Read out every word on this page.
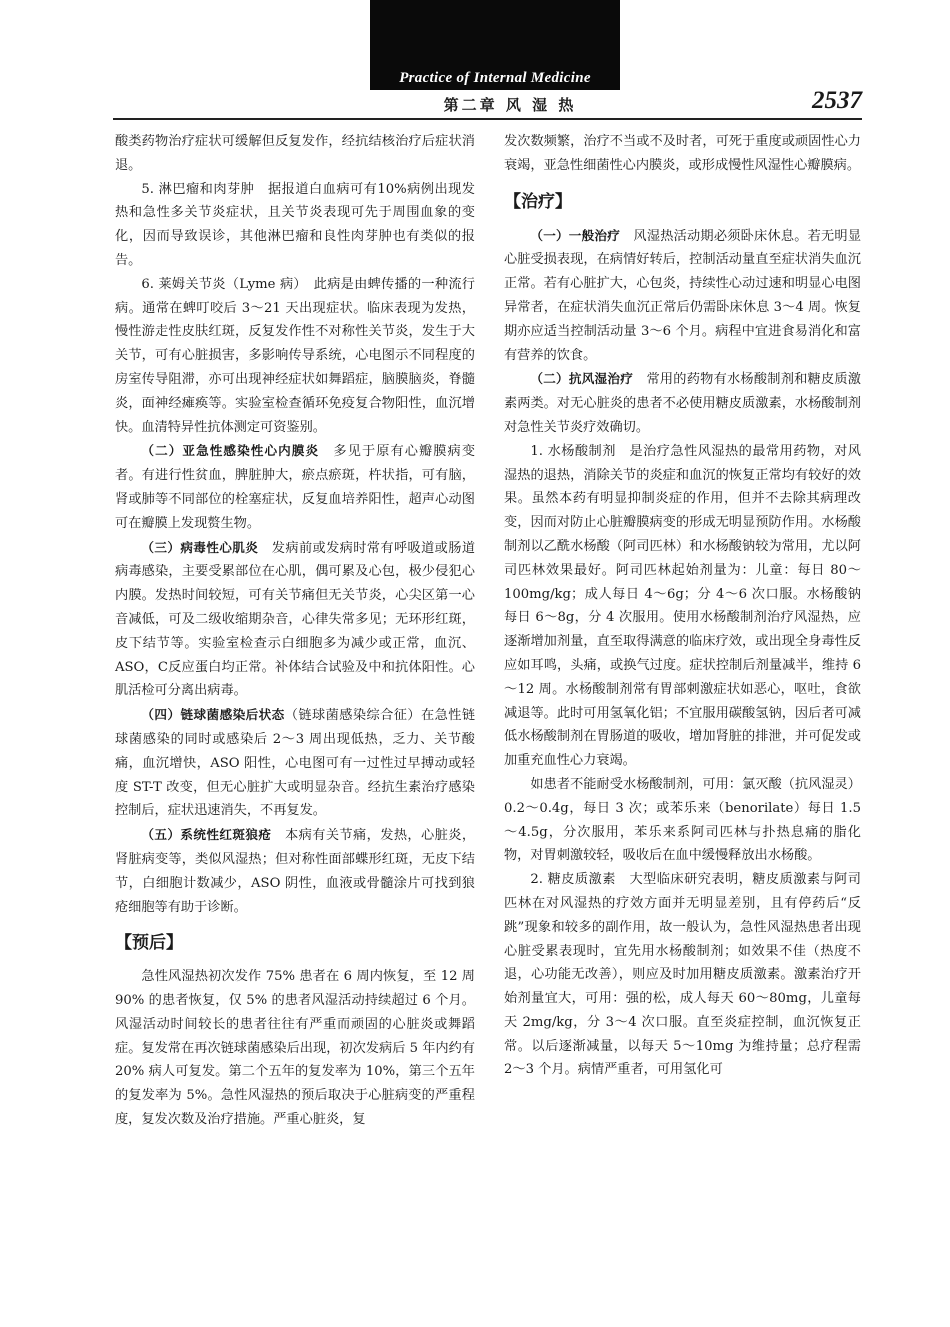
Practice of Internal Medicine
第二章 风 湿 热	2537

酸类药物治疗症状可缓解但反复发作，经抗结核治疗后症状消退。

5. 淋巴瘤和肉芽肿　据报道白血病可有10%病例出现发热和急性多关节炎症状，且关节炎表现可先于周围血象的变化，因而导致误诊，其他淋巴瘤和良性肉芽肿也有类似的报告。

6. 莱姆关节炎（Lyme 病）　此病是由蜱传播的一种流行病。通常在蜱叮咬后 3～21 天出现症状。临床表现为发热，慢性游走性皮肤红斑，反复发作性不对称性关节炎，发生于大关节，可有心脏损害，多影响传导系统，心电图示不同程度的房室传导阻滞，亦可出现神经症状如舞蹈症，脑膜脑炎，脊髓炎，面神经瘫痪等。实验室检查循环免疫复合物阳性，血沉增快。血清特异性抗体测定可资鉴别。

（二）亚急性感染性心内膜炎　多见于原有心瓣膜病变者。有进行性贫血，脾脏肿大，瘀点瘀斑，杵状指，可有脑，肾或肺等不同部位的栓塞症状，反复血培养阳性，超声心动图可在瓣膜上发现赘生物。

（三）病毒性心肌炎　发病前或发病时常有呼吸道或肠道病毒感染，主要受累部位在心肌，偶可累及心包，极少侵犯心内膜。发热时间较短，可有关节痛但无关节炎，心尖区第一心音减低，可及二级收缩期杂音，心律失常多见；无环形红斑，皮下结节等。实验室检查示白细胞多为减少或正常，血沉、ASO，C反应蛋白均正常。补体结合试验及中和抗体阳性。心肌活检可分离出病毒。

（四）链球菌感染后状态（链球菌感染综合征）在急性链球菌感染的同时或感染后 2～3 周出现低热，乏力、关节酸痛，血沉增快，ASO 阳性，心电图可有一过性过早搏动或轻度 ST-T 改变，但无心脏扩大或明显杂音。经抗生素治疗感染控制后，症状迅速消失，不再复发。

（五）系统性红斑狼疮　本病有关节痛，发热，心脏炎，肾脏病变等，类似风湿热；但对称性面部蝶形红斑，无皮下结节，白细胞计数减少，ASO 阴性，血液或骨髓涂片可找到狼疮细胞等有助于诊断。

【预后】

急性风湿热初次发作 75% 患者在 6 周内恢复，至 12 周 90% 的患者恢复，仅 5% 的患者风湿活动持续超过 6 个月。风湿活动时间较长的患者往往有严重而顽固的心脏炎或舞蹈症。复发常在再次链球菌感染后出现，初次发病后 5 年内约有 20% 病人可复发。第二个五年的复发率为 10%，第三个五年的复发率为 5%。急性风湿热的预后取决于心脏病变的严重程度，复发次数及治疗措施。严重心脏炎，复

发次数频繁，治疗不当或不及时者，可死于重度或顽固性心力衰竭，亚急性细菌性心内膜炎，或形成慢性风湿性心瓣膜病。

【治疗】

（一）一般治疗　风湿热活动期必须卧床休息。若无明显心脏受损表现，在病情好转后，控制活动量直至症状消失血沉正常。若有心脏扩大，心包炎，持续性心动过速和明显心电图异常者，在症状消失血沉正常后仍需卧床休息 3～4 周。恢复期亦应适当控制活动量 3～6 个月。病程中宜进食易消化和富有营养的饮食。

（二）抗风湿治疗　常用的药物有水杨酸制剂和糖皮质激素两类。对无心脏炎的患者不必使用糖皮质激素，水杨酸制剂对急性关节炎疗效确切。

1. 水杨酸制剂　是治疗急性风湿热的最常用药物，对风湿热的退热，消除关节的炎症和血沉的恢复正常均有较好的效果。虽然本药有明显抑制炎症的作用，但并不去除其病理改变，因而对防止心脏瓣膜病变的形成无明显预防作用。水杨酸制剂以乙酰水杨酸（阿司匹林）和水杨酸钠较为常用，尤以阿司匹林效果最好。阿司匹林起始剂量为：儿童：每日 80～100mg/kg；成人每日 4～6g；分 4～6 次口服。水杨酸钠每日 6～8g，分 4 次服用。使用水杨酸制剂治疗风湿热，应逐渐增加剂量，直至取得满意的临床疗效，或出现全身毒性反应如耳鸣，头痛，或换气过度。症状控制后剂量减半，维持 6～12 周。水杨酸制剂常有胃部刺激症状如恶心，呕吐，食欲减退等。此时可用氢氧化铝；不宜服用碳酸氢钠，因后者可减低水杨酸制剂在胃肠道的吸收，增加肾脏的排泄，并可促发或加重充血性心力衰竭。

如患者不能耐受水杨酸制剂，可用：氯灭酸（抗风湿灵）0.2～0.4g，每日 3 次；或苯乐来（benorilate）每日 1.5～4.5g，分次服用，苯乐来系阿司匹林与扑热息痛的脂化物，对胃刺激较轻，吸收后在血中缓慢释放出水杨酸。

2. 糖皮质激素　大型临床研究表明，糖皮质激素与阿司匹林在对风湿热的疗效方面并无明显差别，且有停药后“反跳”现象和较多的副作用，故一般认为，急性风湿热患者出现心脏受累表现时，宜先用水杨酸制剂；如效果不佳（热度不退，心功能无改善），则应及时加用糖皮质激素。激素治疗开始剂量宜大，可用：强的松，成人每天 60～80mg，儿童每天 2mg/kg，分 3～4 次口服。直至炎症控制，血沉恢复正常。以后逐渐减量，以每天 5～10mg 为维持量；总疗程需 2～3 个月。病情严重者，可用氢化可
